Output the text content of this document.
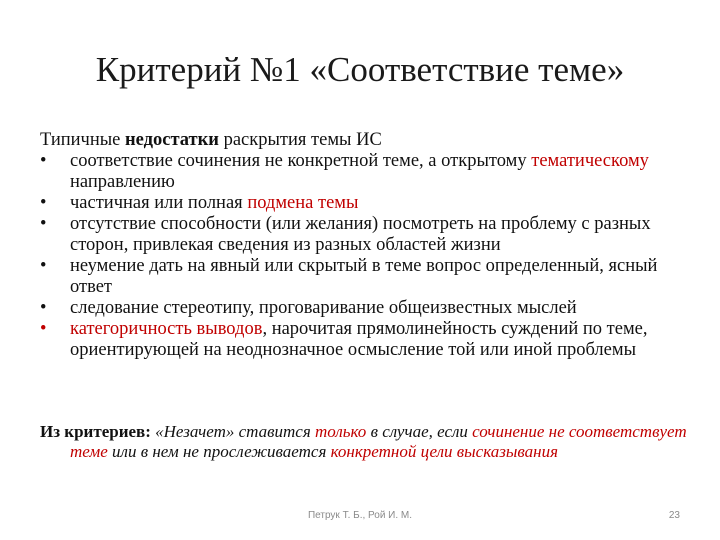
Критерий №1 «Соответствие теме»

Типичные недостатки раскрытия темы ИС

•	соответствие сочинения не конкретной теме, а открытому тематическому направлению
•	частичная или полная подмена темы
•	отсутствие способности (или желания) посмотреть на проблему с разных сторон, привлекая сведения из разных областей жизни
•	неумение дать на явный или скрытый в теме вопрос определенный, ясный ответ
•	следование стереотипу, проговаривание общеизвестных мыслей
•	категоричность выводов, нарочитая прямолинейность суждений по теме, ориентирующей на неоднозначное осмысление той или иной проблемы
Из критериев: «Незачет» ставится только в случае, если сочинение не соответствует теме или в нем не прослеживается конкретной цели высказывания
Петрук Т. Б., Рой И. М.	23
